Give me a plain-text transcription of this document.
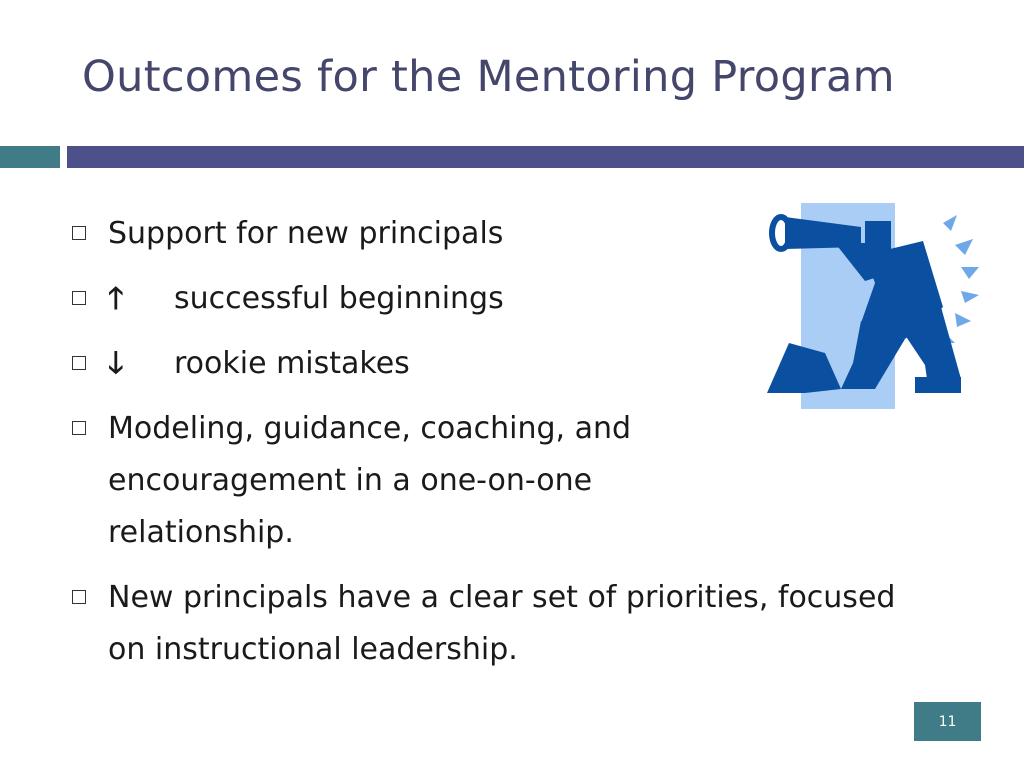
Outcomes for the Mentoring Program
Support for new principals
🡑 successful beginnings
🡓 rookie mistakes
Modeling, guidance, coaching, and encouragement in a one-on-one relationship.
New principals have a clear set of priorities, focused on instructional leadership.
11
